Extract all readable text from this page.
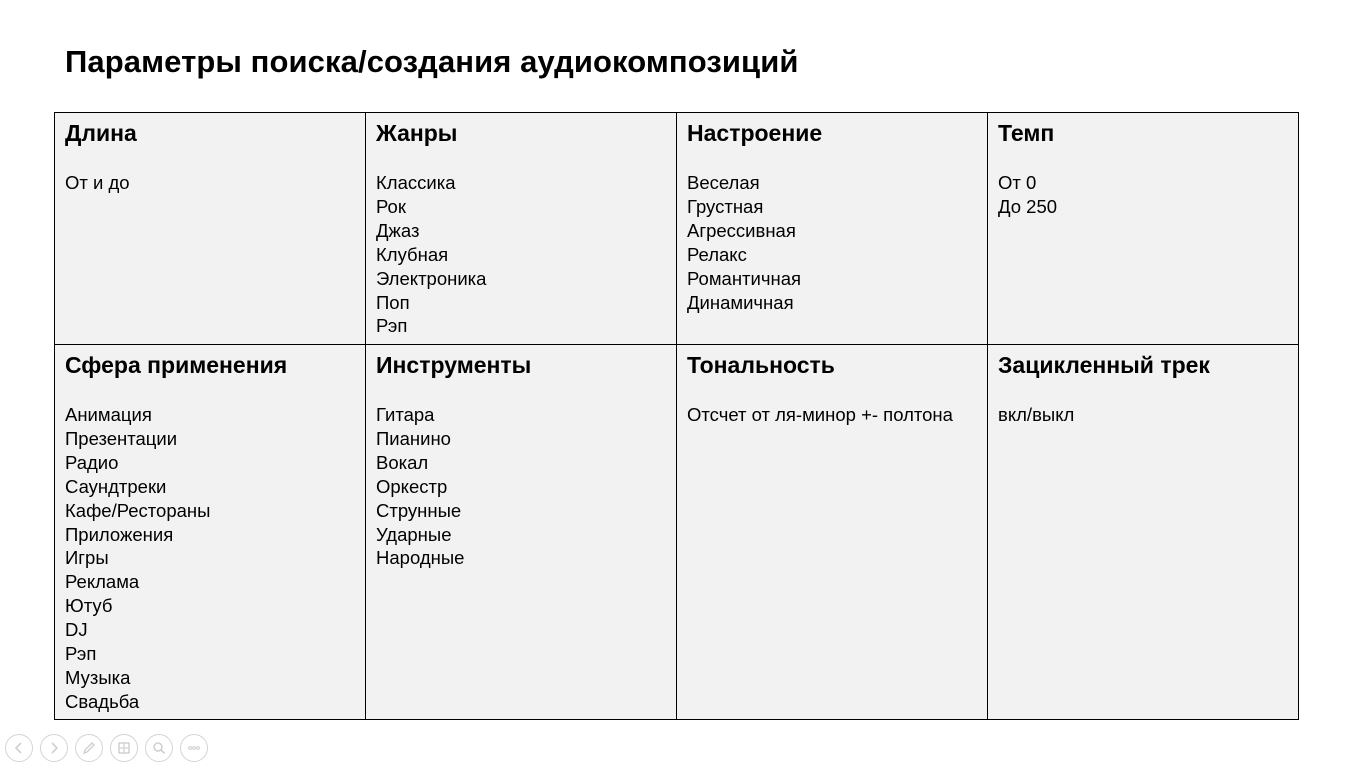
Параметры поиска/создания аудиокомпозиций
Длина
От и до
Жанры
Классика
Рок
Джаз
Клубная
Электроника
Поп
Рэп
Настроение
Веселая
Грустная
Агрессивная
Релакс
Романтичная
Динамичная
Темп
От 0
До 250
Сфера применения
Анимация
Презентации
Радио
Саундтреки
Кафе/Рестораны
Приложения
Игры
Реклама
Ютуб
DJ
Рэп
Музыка
Свадьба
Инструменты
Гитара
Пианино
Вокал
Оркестр
Струнные
Ударные
Народные
Тональность
Отсчет от ля-минор +- полтона
Зацикленный трек
вкл/выкл
